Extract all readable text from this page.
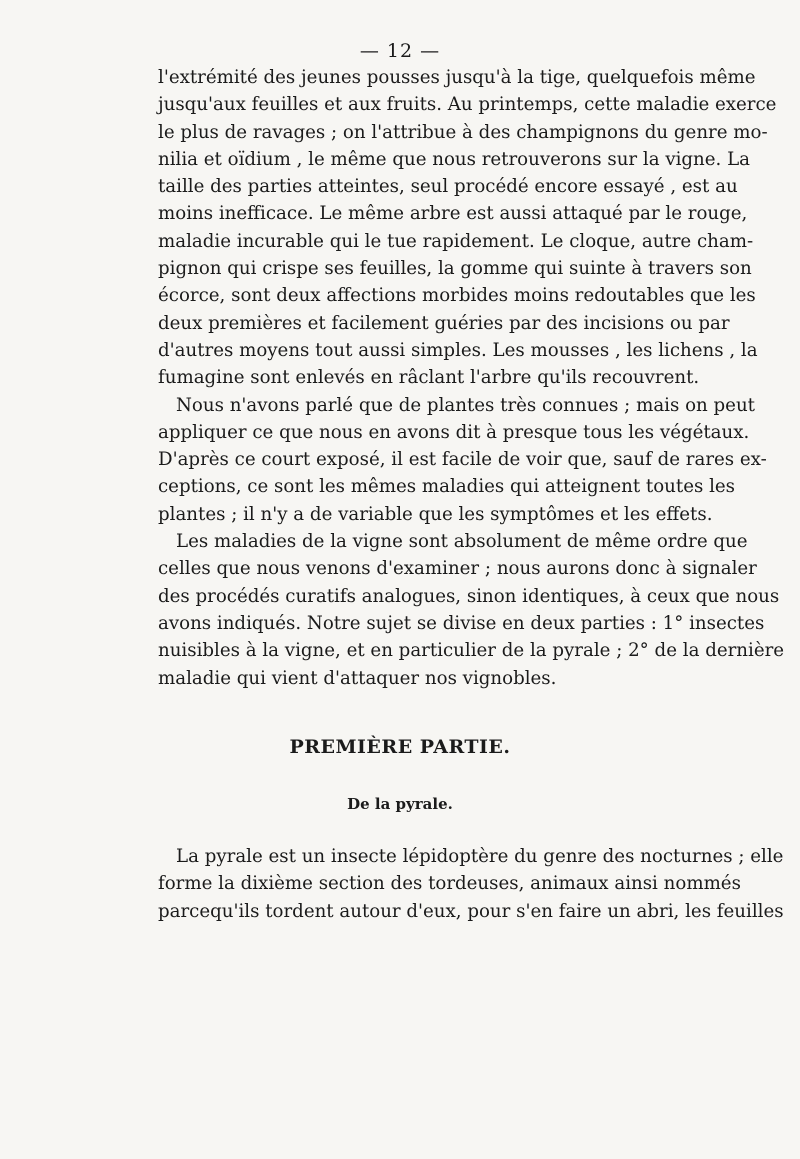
— 12 —

l'extrémité des jeunes pousses jusqu'à la tige, quelquefois même
jusqu'aux feuilles et aux fruits. Au printemps, cette maladie exerce
le plus de ravages ; on l'attribue à des champignons du genre mo-
nilia et oïdium , le même que nous retrouverons sur la vigne. La
taille des parties atteintes, seul procédé encore essayé , est au
moins inefficace. Le même arbre est aussi attaqué par le rouge,
maladie incurable qui le tue rapidement. Le cloque, autre cham-
pignon qui crispe ses feuilles, la gomme qui suinte à travers son
écorce, sont deux affections morbides moins redoutables que les
deux premières et facilement guéries par des incisions ou par
d'autres moyens tout aussi simples. Les mousses , les lichens , la
fumagine sont enlevés en râclant l'arbre qu'ils recouvrent.

Nous n'avons parlé que de plantes très connues ; mais on peut
appliquer ce que nous en avons dit à presque tous les végétaux.
D'après ce court exposé, il est facile de voir que, sauf de rares ex-
ceptions, ce sont les mêmes maladies qui atteignent toutes les
plantes ; il n'y a de variable que les symptômes et les effets.

Les maladies de la vigne sont absolument de même ordre que
celles que nous venons d'examiner ; nous aurons donc à signaler
des procédés curatifs analogues, sinon identiques, à ceux que nous
avons indiqués. Notre sujet se divise en deux parties : 1° insectes
nuisibles à la vigne, et en particulier de la pyrale ; 2° de la dernière
maladie qui vient d'attaquer nos vignobles.

PREMIÈRE PARTIE.
De la pyrale.

La pyrale est un insecte lépidoptère du genre des nocturnes ; elle
forme la dixième section des tordeuses, animaux ainsi nommés
parcequ'ils tordent autour d'eux, pour s'en faire un abri, les feuilles
